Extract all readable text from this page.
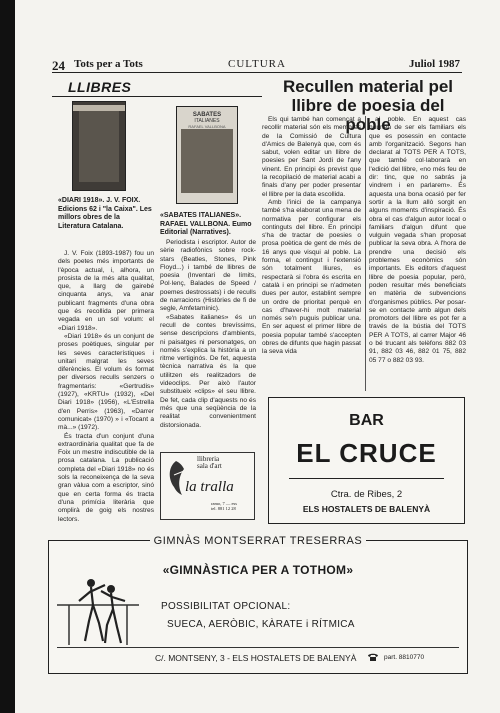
24 Tots per a Tots	CULTURA	Juliol 1987
LLIBRES
«DIARI 1918». J. V. FOIX. Edicions 62 i "la Caixa". Les millors obres de la Literatura Catalana.

J. V. Foix (1893-1987) fou un dels poetes més importants de l'època actual, i, alhora, un prosista de la més alta qualitat, que, a llarg de gairebé cinquanta anys, va anar publicant fragments d'una obra que és recollida per primera vegada en un sol volum: el «Diari 1918».

«Diari 1918» és un conjunt de proses poètiques, singular per les seves característiques i unitari malgrat les seves diferències. El volum és format per diversos reculls senzers o fragmentaris: «Gertrudis» (1927), «KRTU» (1932), «Del Diari 1918» (1956), «L'Estrella d'en Perris» (1963), «Darrer comunicat» (1970) » i «Tocant a mà...» (1972).

És tracta d'un conjunt d'una extraordinària qualitat que fa de Foix un mestre indiscutible de la prosa catalana. La publicació completa del «Diari 1918» no és sols la reconeixença de la seva gran vàlua com a escriptor, sinó que en certa forma és tracta d'una primícia literària que omplirà de goig els nostres lectors.

SABATES
ITALIANES
RAFAEL VALLBONA
«SABATES ITALIANES». RAFAEL VALLBONA. Eumo Editorial (Narratives).

Periodista i escriptor. Autor de sèrie radiofònics sobre rock-stars (Beatles, Stones, Pink Floyd...) i també de llibres de poesia (Inventari de límits, Pol·lenç, Balades de Speed / poemes destrossats) i de reculls de narracions (Històries de fi de segle, Amfetamínic).

«Sabates italianes» és un recull de contes brevíssims, sense descripcions d'ambients, ni paisatges ni personatges, on només s'explica la història a un ritme vertiginós. De fet, aquesta tècnica narrativa és la que utilitzen els realitzadors de videoclips. Per això l'autor substitueix «clips» el seu llibre. De fet, cada clip d'aquests no és més que una seqüència de la realitat convenientment distorsionada.

llibreria
sala d'art
la tralla
ramo, 7 — ess
tel. 881 12 28
Recullen material pel llibre de poesia del poble

Els qui també han començat a recollir material són els membres de la Comissió de Cultura d'Amics de Balenyà que, com és sabut, volen editar un llibre de poesies per Sant Jordi de l'any vinent. En principi és previst que la recopilació de material acabi a finals d'any per poder presentar el llibre per la data escollida.

Amb l'inici de la campanya també s'ha elaborat una mena de normativa per configurar els continguts del llibre. En principi s'ha de tractar de poesies o prosa poètica de gent de més de 16 anys que visqui al poble. La forma, el contingut i l'extensió són totalment lliures, es respectarà si l'obra és escrita en català i en principi se n'admeten dues per autor, establint sempre un ordre de prioritat perquè en cas d'haver-hi molt material només se'n puguis publicar una. En ser aquest el primer llibre de poesia popular també s'accepten obres de difunts que hagin passat la seva vida

al poble. En aquest cas haurien de ser els familiars els que es posessin en contacte amb l'organització. Segons han declarat al TOTS PER A TOTS, que també col·laborarà en l'edició del llibre, «no més feu de dir: tinc, que no sabrás ja vindrem i en parlarem». És aquesta una bona ocasió per fer sortir a la llum allò sorgit en alguns moments d'inspiració. És obra el cas d'algun autor local o familiars d'algun difunt que vulguin vegada s'han proposat publicar la seva obra. A l'hora de prendre una decisió els problemes econòmics són importants. Els editors d'aquest llibre de poesia popular, però, poden resultar més beneficiats en matèria de subvencions d'organismes públics. Per posar-se en contacte amb algun dels promotors del llibre es pot fer a través de la bústia del TOTS PER A TOTS, al carrer Major 46 o bé trucant als telèfons 882 03 91, 882 03 46, 882 01 75, 882 05 77 o 882 03 93.

BAR
EL CRUCE
Ctra. de Ribes, 2
ELS HOSTALETS DE BALENYÀ
GIMNÀS MONTSERRAT TRESERRAS
«GIMNÀSTICA PER A TOTHOM»
POSSIBILITAT OPCIONAL:
SUECA, AERÒBIC, KÀRATE i RÍTMICA
C/. MONTSENY, 3 - ELS HOSTALETS DE BALENYÀ	part. 8810770
